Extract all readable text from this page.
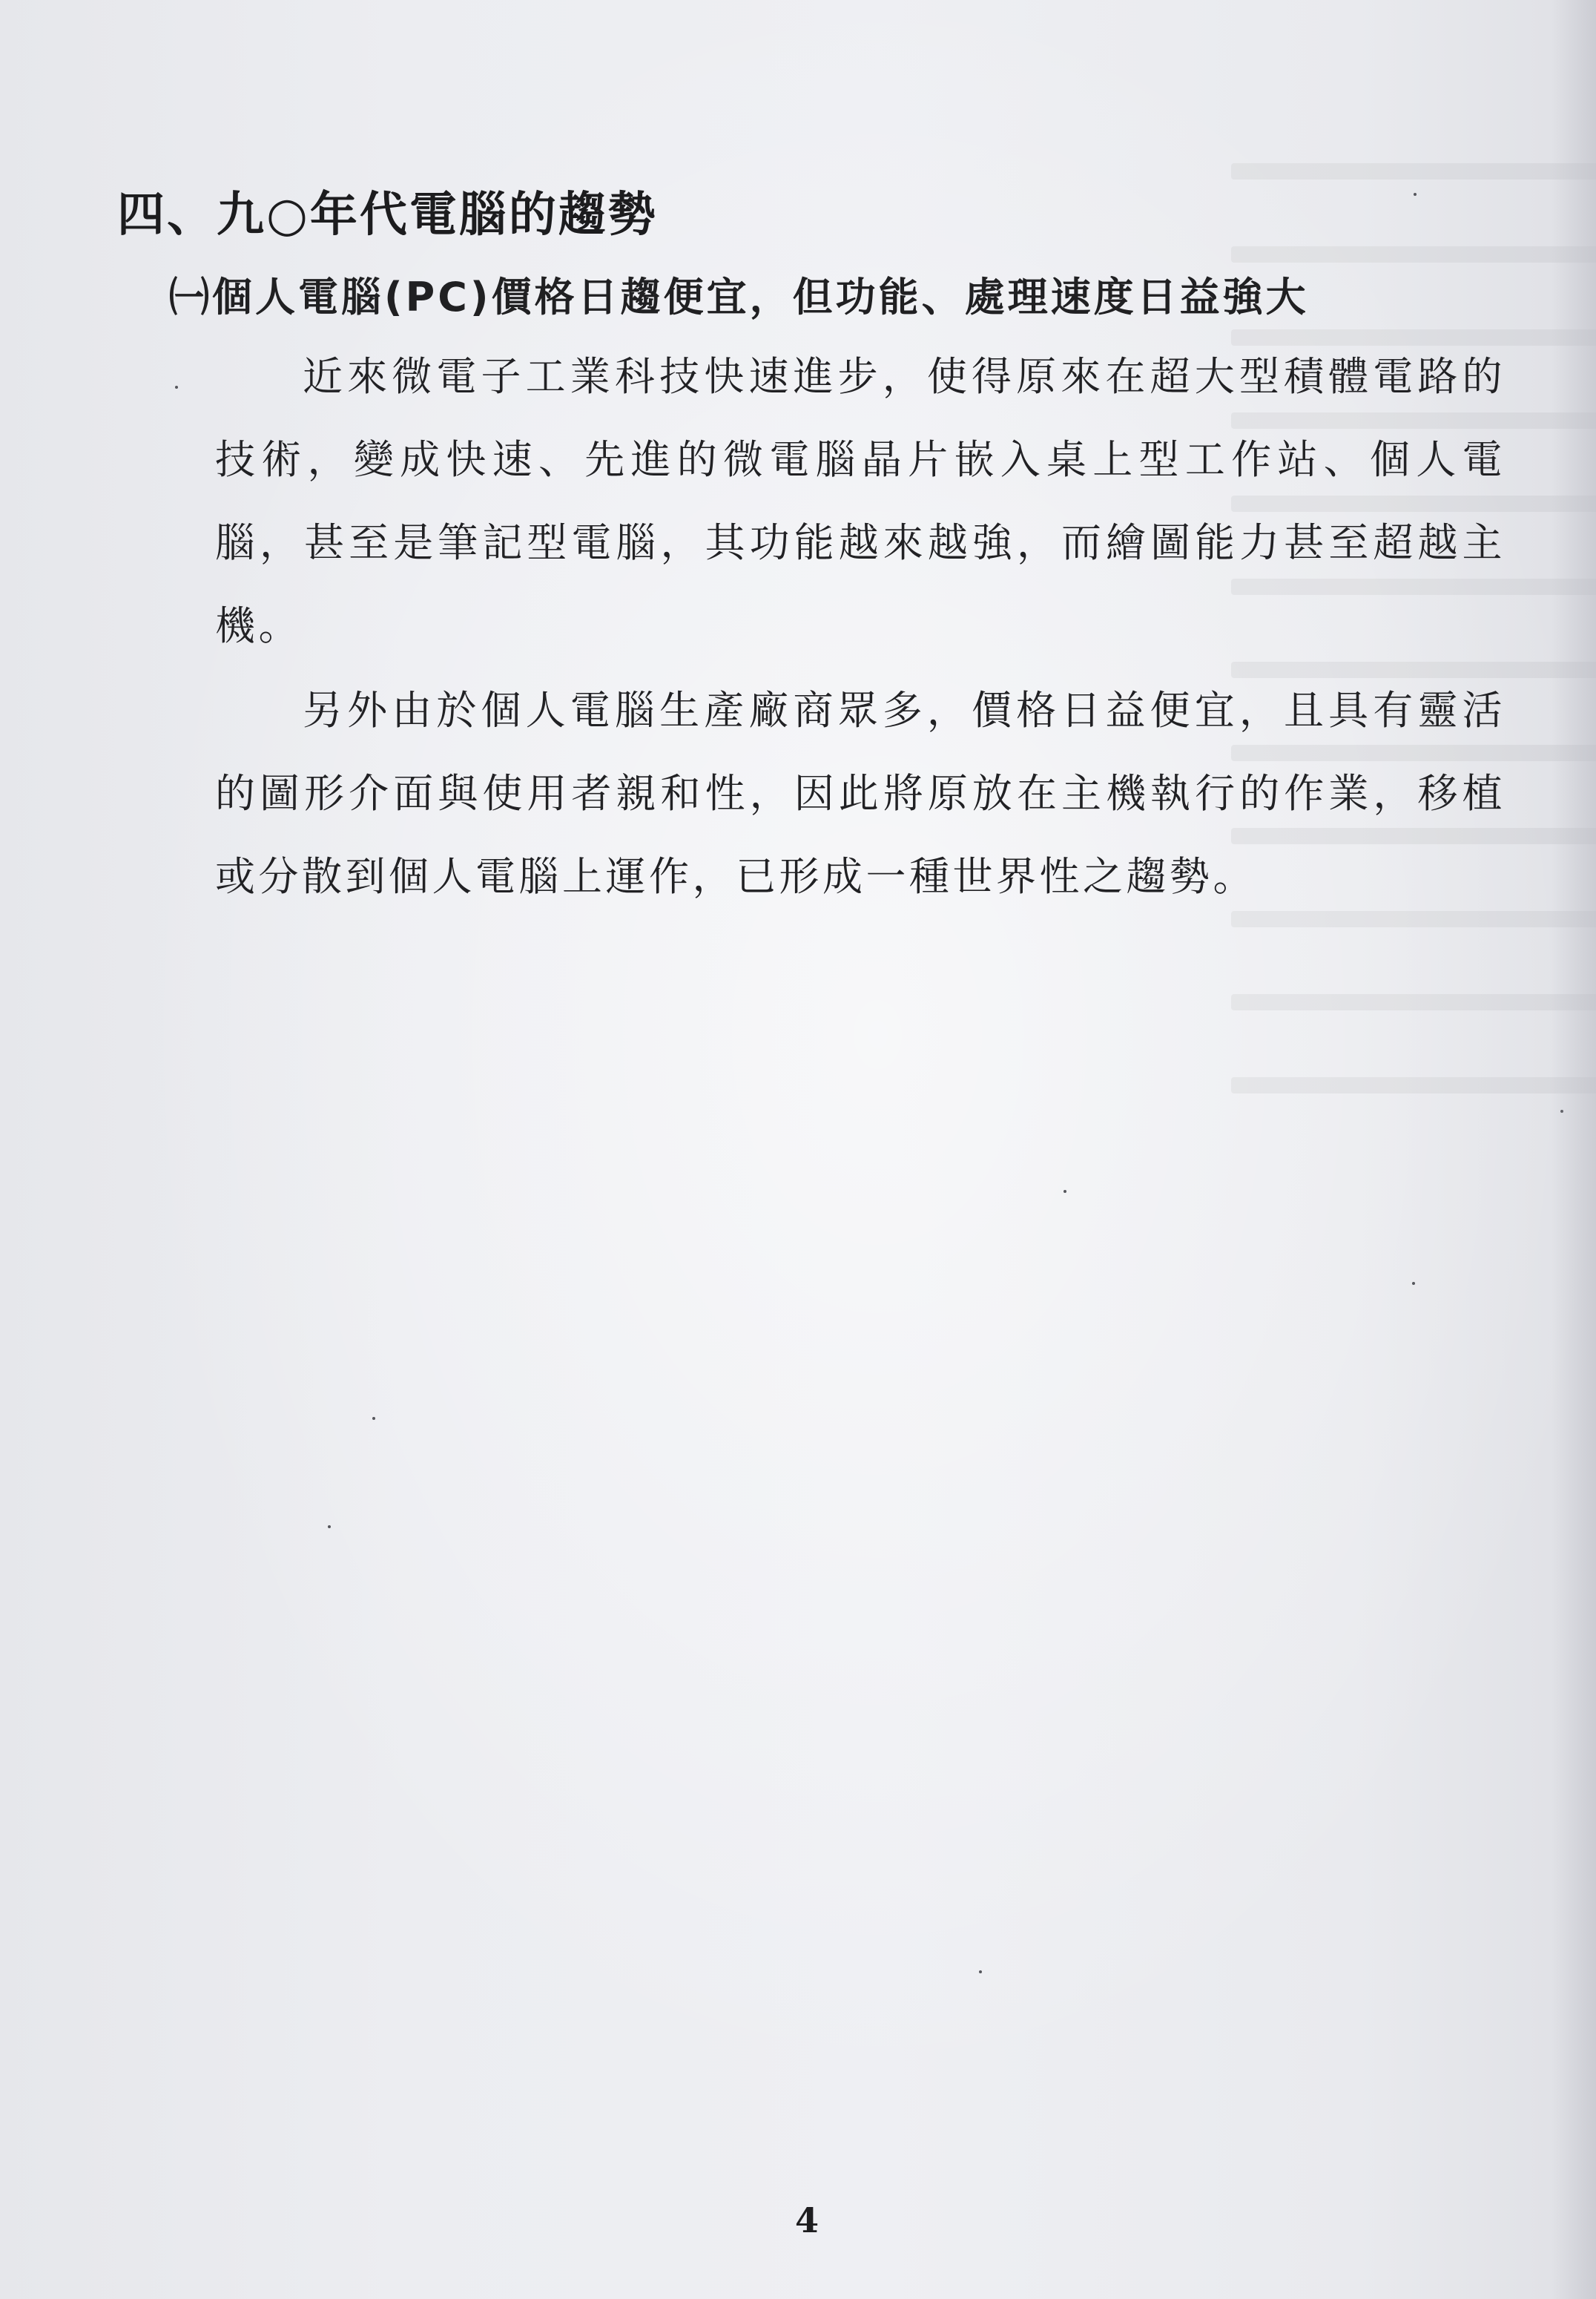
四、九○年代電腦的趨勢
㈠個人電腦(PC)價格日趨便宜，但功能、處理速度日益強大

近來微電子工業科技快速進步，使得原來在超大型積體電路的技術，變成快速、先進的微電腦晶片嵌入桌上型工作站、個人電腦，甚至是筆記型電腦，其功能越來越強，而繪圖能力甚至超越主機。

另外由於個人電腦生產廠商眾多，價格日益便宜，且具有靈活的圖形介面與使用者親和性，因此將原放在主機執行的作業，移植或分散到個人電腦上運作，已形成一種世界性之趨勢。

4
